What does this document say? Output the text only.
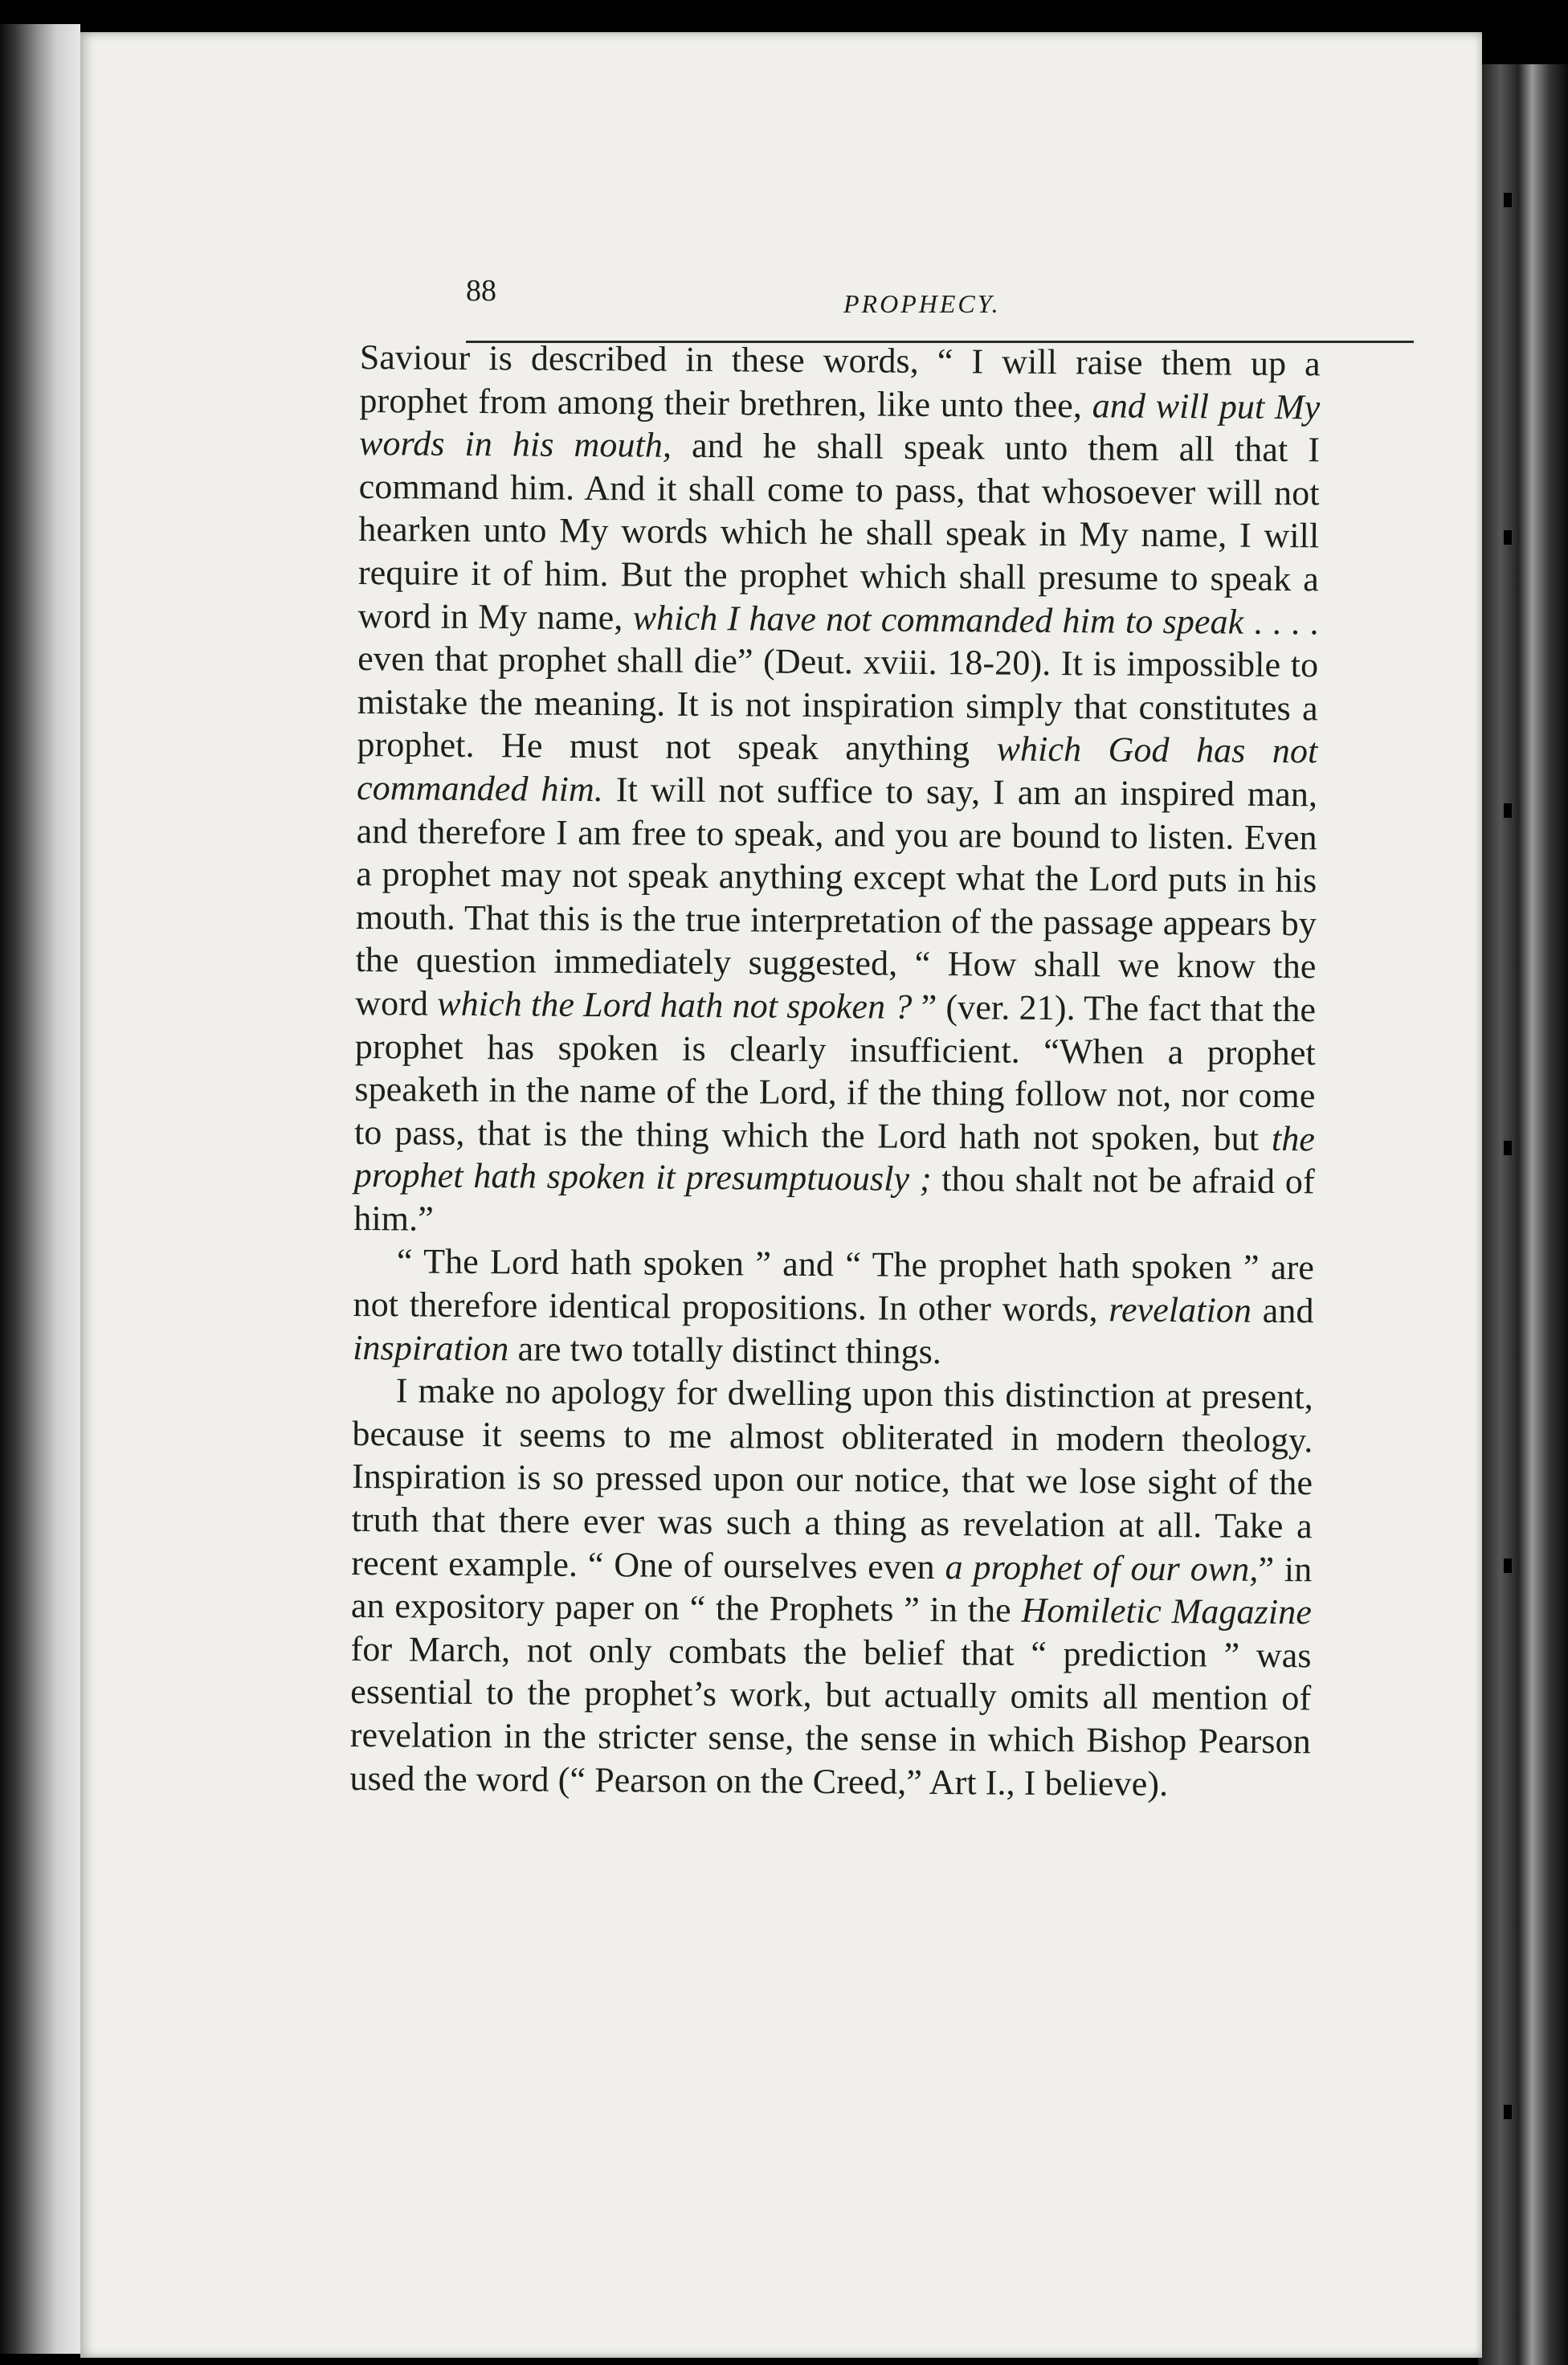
88	PROPHECY.

Saviour is described in these words, “ I will raise them up a prophet from among their brethren, like unto thee, and will put My words in his mouth, and he shall speak unto them all that I command him. And it shall come to pass, that whosoever will not hearken unto My words which he shall speak in My name, I will require it of him. But the prophet which shall presume to speak a word in My name, which I have not commanded him to speak . . . . even that prophet shall die” (Deut. xviii. 18-20). It is impossible to mistake the meaning. It is not inspiration simply that constitutes a prophet. He must not speak anything which God has not commanded him. It will not suffice to say, I am an inspired man, and therefore I am free to speak, and you are bound to listen. Even a prophet may not speak anything except what the Lord puts in his mouth. That this is the true interpretation of the passage appears by the question immediately suggested, “ How shall we know the word which the Lord hath not spoken ? ” (ver. 21). The fact that the prophet has spoken is clearly insufficient. “When a prophet speaketh in the name of the Lord, if the thing follow not, nor come to pass, that is the thing which the Lord hath not spoken, but the prophet hath spoken it presumptuously ; thou shalt not be afraid of him.”

“ The Lord hath spoken ” and “ The prophet hath spoken ” are not therefore identical propositions. In other words, revelation and inspiration are two totally distinct things.

I make no apology for dwelling upon this distinction at present, because it seems to me almost obliterated in modern theology. Inspiration is so pressed upon our notice, that we lose sight of the truth that there ever was such a thing as revelation at all. Take a recent example. “ One of ourselves even a prophet of our own,” in an expository paper on “ the Prophets ” in the Homiletic Magazine for March, not only combats the belief that “ prediction ” was essential to the prophet’s work, but actually omits all mention of revelation in the stricter sense, the sense in which Bishop Pearson used the word (“ Pearson on the Creed,” Art I., I believe).
